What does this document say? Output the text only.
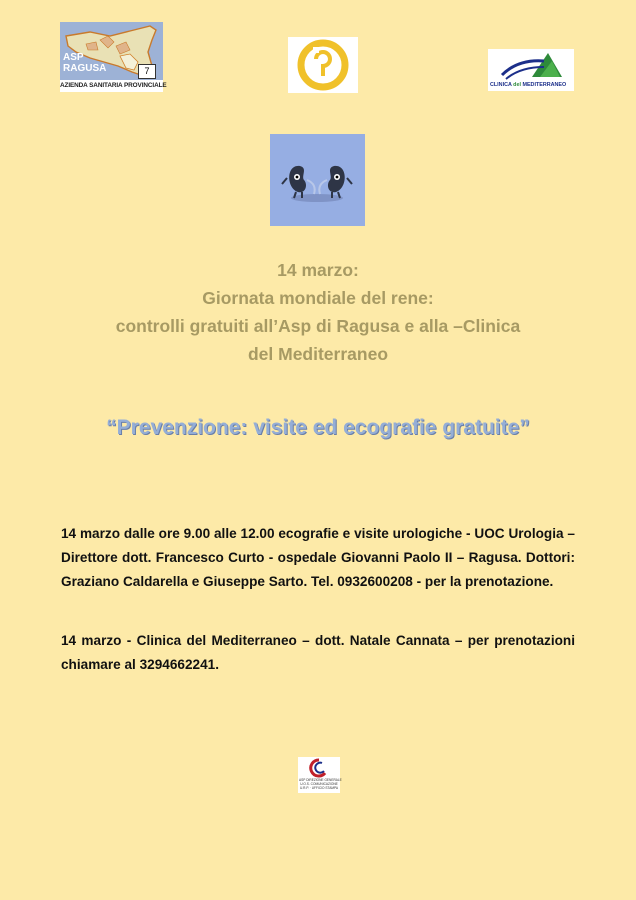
ASP
RAGUSA	7
AZIENDA SANITARIA PROVINCIALE	CLINICA del MEDITERRANEO
14 marzo:
Giornata mondiale del rene:
controlli gratuiti all’Asp di Ragusa e alla –Clinica
del Mediterraneo
“Prevenzione: visite ed ecografie gratuite”
14 marzo dalle ore 9.00 alle 12.00 ecografie e visite urologiche - UOC Urologia – Direttore dott. Francesco Curto - ospedale Giovanni Paolo II – Ragusa. Dottori: Graziano Caldarella e Giuseppe Sarto. Tel. 0932600208 - per la prenotazione.
14 marzo - Clinica del Mediterraneo – dott. Natale Cannata – per prenotazioni chiamare al 3294662241.
ASP DIREZIONE GENERALE
U.O.S. COMUNICAZIONE
U.R.P. · UFFICIO STAMPA
